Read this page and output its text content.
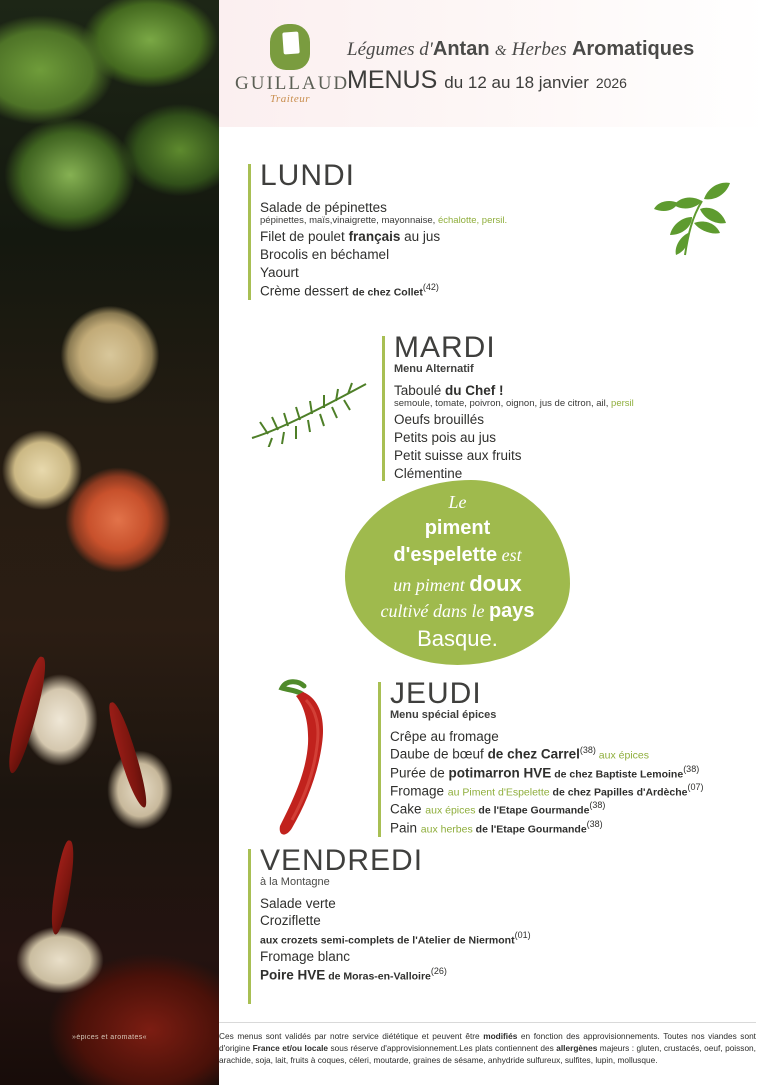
»épices et aromates«
GUILLAUD
Traiteur
Légumes d'Antan & Herbes Aromatiques
MENUS du 12 au 18 janvier 2026
LUNDI
Salade de pépinettes
pépinettes, maïs,vinaigrette, mayonnaise, échalotte, persil.
Filet de poulet français au jus
Brocolis en béchamel
Yaourt
Crème dessert de chez Collet$^{(42)}$
MARDI
Menu Alternatif
Taboulé du Chef !
semoule, tomate, poivron, oignon, jus de citron, ail, persil
Oeufs brouillés
Petits pois au jus
Petit suisse aux fruits
Clémentine
Le
piment
d'espelette est
un piment doux
cultivé dans le pays
Basque.
JEUDI
Menu spécial épices
Crêpe au fromage
Daube de bœuf de chez Carrel$^{(38)}$ aux épices
Purée de potimarron HVE de chez Baptiste Lemoine$^{(38)}$
Fromage au Piment d'Espelette de chez Papilles d'Ardèche$^{(07)}$
Cake aux épices de l'Etape Gourmande$^{(38)}$
Pain aux herbes de l'Etape Gourmande$^{(38)}$
VENDREDI
à la Montagne
Salade verte
Croziflette
aux crozets semi-complets de l'Atelier de Niermont$^{(01)}$
Fromage blanc
Poire HVE de Moras-en-Valloire$^{(26)}$

Ces menus sont validés par notre service diététique et peuvent être modifiés en fonction des approvisionnements. Toutes nos viandes sont d'origine France et/ou locale sous réserve d'approvisionnement.Les plats contiennent des allergènes majeurs : gluten, crustacés, oeuf, poisson, arachide, soja, lait, fruits à coques, céleri, moutarde, graines de sésame, anhydride sulfureux, sulfites, lupin, mollusque.
